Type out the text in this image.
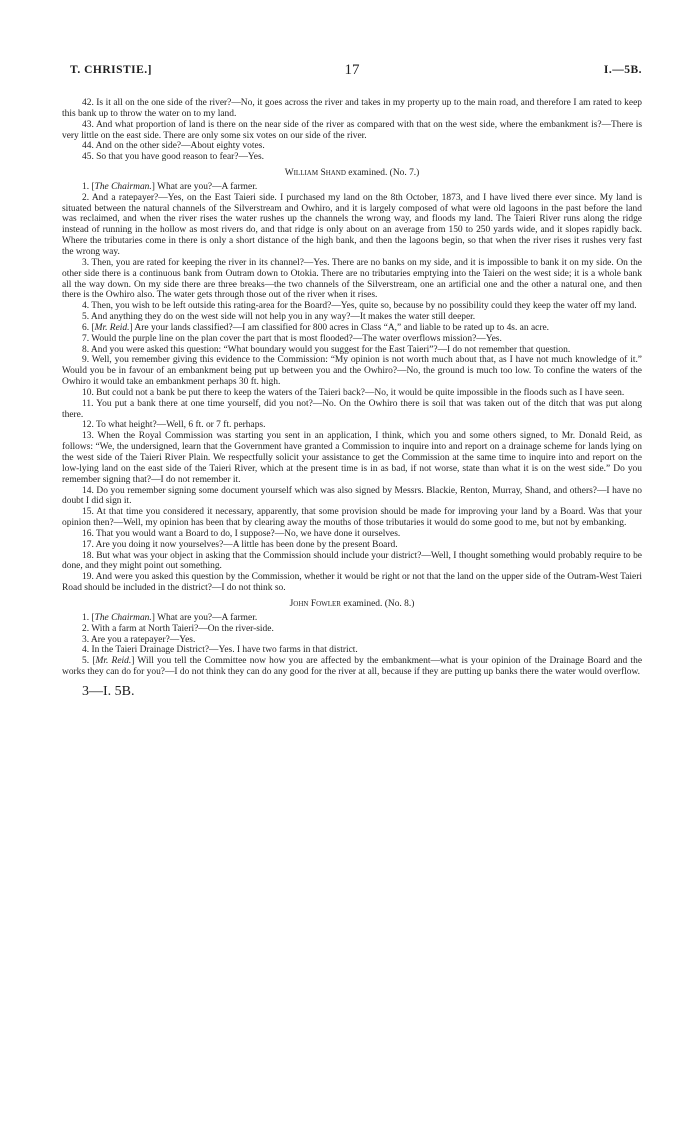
T. CHRISTIE.]	17	I.—5B.

42. Is it all on the one side of the river?—No, it goes across the river and takes in my property up to the main road, and therefore I am rated to keep this bank up to throw the water on to my land.

43. And what proportion of land is there on the near side of the river as compared with that on the west side, where the embankment is?—There is very little on the east side. There are only some six votes on our side of the river.

44. And on the other side?—About eighty votes.

45. So that you have good reason to fear?—Yes.

William Shand examined. (No. 7.)

1. [The Chairman.] What are you?—A farmer.

2. And a ratepayer?—Yes, on the East Taieri side. I purchased my land on the 8th October, 1873, and I have lived there ever since. My land is situated between the natural channels of the Silverstream and Owhiro, and it is largely composed of what were old lagoons in the past before the land was reclaimed, and when the river rises the water rushes up the channels the wrong way, and floods my land. The Taieri River runs along the ridge instead of running in the hollow as most rivers do, and that ridge is only about on an average from 150 to 250 yards wide, and it slopes rapidly back. Where the tributaries come in there is only a short distance of the high bank, and then the lagoons begin, so that when the river rises it rushes very fast the wrong way.

3. Then, you are rated for keeping the river in its channel?—Yes. There are no banks on my side, and it is impossible to bank it on my side. On the other side there is a continuous bank from Outram down to Otokia. There are no tributaries emptying into the Taieri on the west side; it is a whole bank all the way down. On my side there are three breaks—the two channels of the Silverstream, one an artificial one and the other a natural one, and then there is the Owhiro also. The water gets through those out of the river when it rises.

4. Then, you wish to be left outside this rating-area for the Board?—Yes, quite so, because by no possibility could they keep the water off my land.

5. And anything they do on the west side will not help you in any way?—It makes the water still deeper.

6. [Mr. Reid.] Are your lands classified?—I am classified for 800 acres in Class “A,” and liable to be rated up to 4s. an acre.

7. Would the purple line on the plan cover the part that is most flooded?—The water overflows mission?—Yes.

8. And you were asked this question: “What boundary would you suggest for the East Taieri”?—I do not remember that question.

9. Well, you remember giving this evidence to the Commission: “My opinion is not worth much about that, as I have not much knowledge of it.” Would you be in favour of an embankment being put up between you and the Owhiro?—No, the ground is much too low. To confine the waters of the Owhiro it would take an embankment perhaps 30 ft. high.

10. But could not a bank be put there to keep the waters of the Taieri back?—No, it would be quite impossible in the floods such as I have seen.

11. You put a bank there at one time yourself, did you not?—No. On the Owhiro there is soil that was taken out of the ditch that was put along there.

12. To what height?—Well, 6 ft. or 7 ft. perhaps.

13. When the Royal Commission was starting you sent in an application, I think, which you and some others signed, to Mr. Donald Reid, as follows: “We, the undersigned, learn that the Government have granted a Commission to inquire into and report on a drainage scheme for lands lying on the west side of the Taieri River Plain. We respectfully solicit your assistance to get the Commission at the same time to inquire into and report on the low-lying land on the east side of the Taieri River, which at the present time is in as bad, if not worse, state than what it is on the west side.” Do you remember signing that?—I do not remember it.

14. Do you remember signing some document yourself which was also signed by Messrs. Blackie, Renton, Murray, Shand, and others?—I have no doubt I did sign it.

15. At that time you considered it necessary, apparently, that some provision should be made for improving your land by a Board. Was that your opinion then?—Well, my opinion has been that by clearing away the mouths of those tributaries it would do some good to me, but not by embanking.

16. That you would want a Board to do, I suppose?—No, we have done it ourselves.

17. Are you doing it now yourselves?—A little has been done by the present Board.

18. But what was your object in asking that the Commission should include your district?—Well, I thought something would probably require to be done, and they might point out something.

19. And were you asked this question by the Commission, whether it would be right or not that the land on the upper side of the Outram-West Taieri Road should be included in the district?—I do not think so.

John Fowler examined. (No. 8.)

1. [The Chairman.] What are you?—A farmer.

2. With a farm at North Taieri?—On the river-side.

3. Are you a ratepayer?—Yes.

4. In the Taieri Drainage District?—Yes. I have two farms in that district.

5. [Mr. Reid.] Will you tell the Committee now how you are affected by the embankment—what is your opinion of the Drainage Board and the works they can do for you?—I do not think they can do any good for the river at all, because if they are putting up banks there the water would overflow.

3—I. 5B.
